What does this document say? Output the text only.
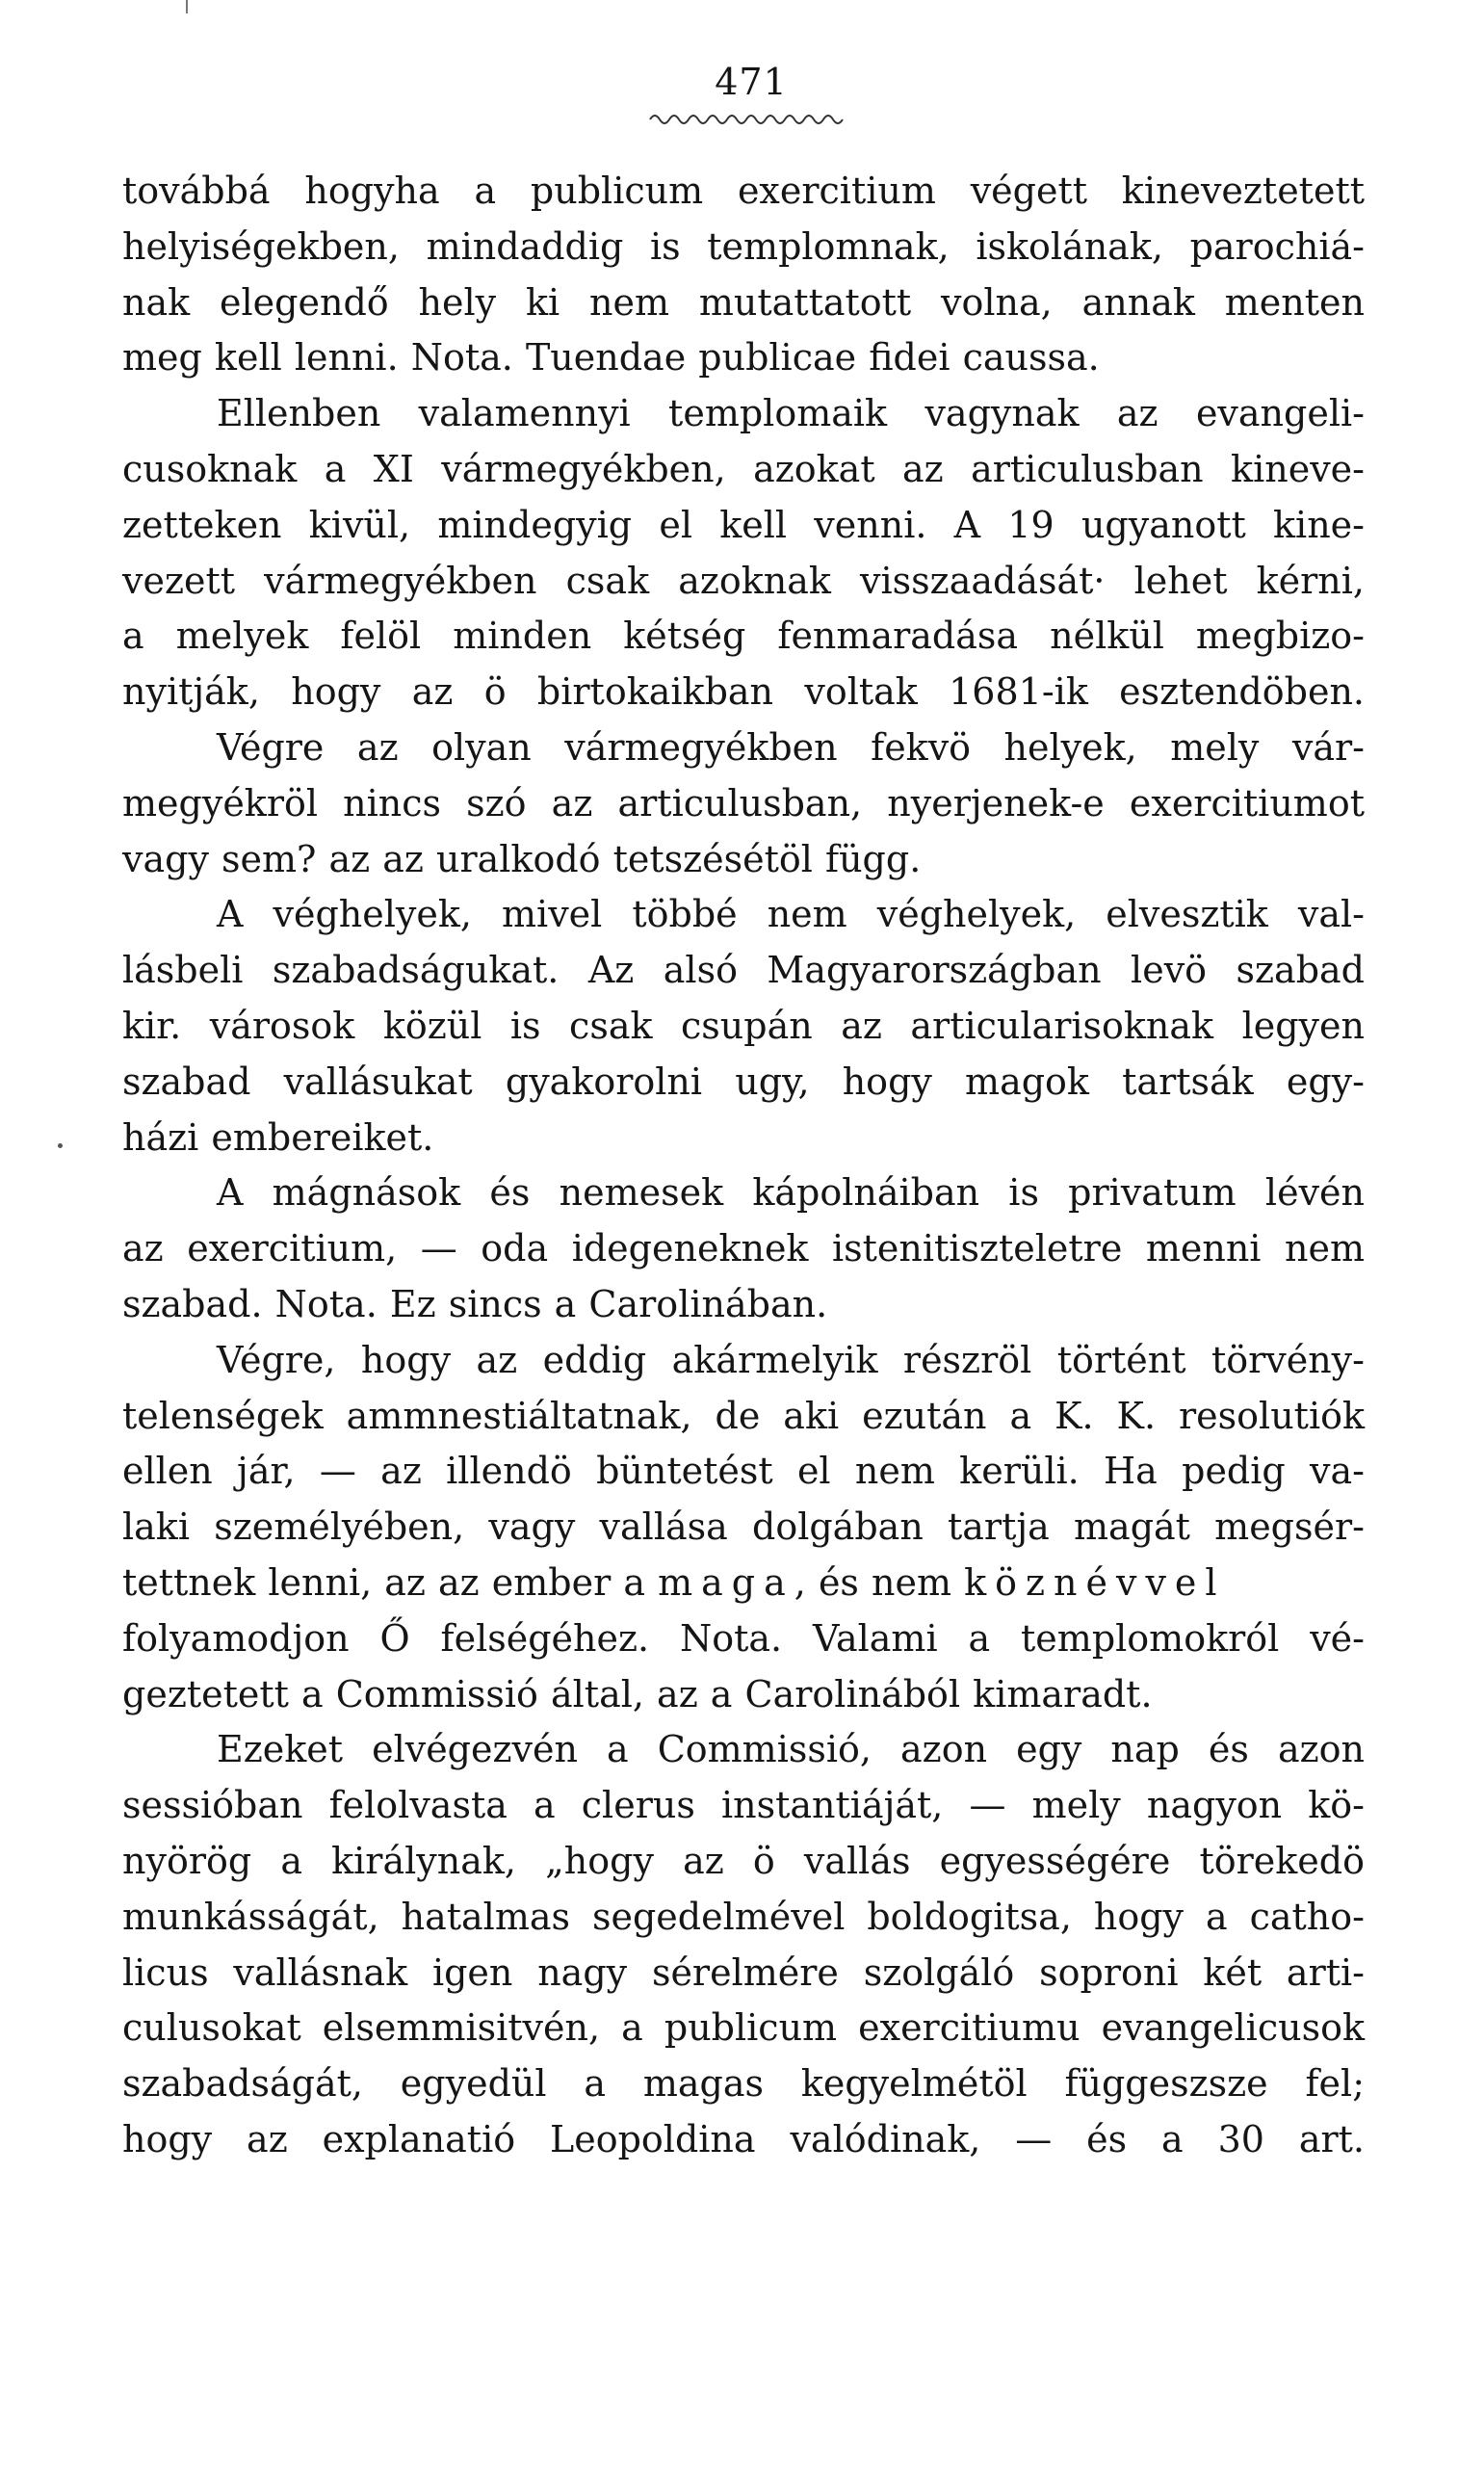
471
továbbá hogyha a publicum exercitium végett kineveztetett
helyiségekben, mindaddig is templomnak, iskolának, parochiá-
nak elegendő hely ki nem mutattatott volna, annak menten
meg kell lenni. Nota. Tuendae publicae fidei caussa.
Ellenben valamennyi templomaik vagynak az evangeli-
cusoknak a XI vármegyékben, azokat az articulusban kineve-
zetteken kivül, mindegyig el kell venni. A 19 ugyanott kine-
vezett vármegyékben csak azoknak visszaadását· lehet kérni,
a melyek felöl minden kétség fenmaradása nélkül megbizo-
nyitják, hogy az ö birtokaikban voltak 1681-ik esztendöben.
Végre az olyan vármegyékben fekvö helyek, mely vár-
megyékröl nincs szó az articulusban, nyerjenek-e exercitiumot
vagy sem? az az uralkodó tetszésétöl függ.
A véghelyek, mivel többé nem véghelyek, elvesztik val-
lásbeli szabadságukat. Az alsó Magyarországban levö szabad
kir. városok közül is csak csupán az articularisoknak legyen
szabad vallásukat gyakorolni ugy, hogy magok tartsák egy-
házi embereiket.
A mágnások és nemesek kápolnáiban is privatum lévén
az exercitium, — oda idegeneknek istenitiszteletre menni nem
szabad. Nota. Ez sincs a Carolinában.
Végre, hogy az eddig akármelyik részröl történt törvény-
telenségek ammnestiáltatnak, de aki ezután a K. K. resolutiók
ellen jár, — az illendö büntetést el nem kerüli. Ha pedig va-
laki személyében, vagy vallása dolgában tartja magát megsér-
tettnek lenni, az az ember a maga, és nem köznévvel
folyamodjon Ő felségéhez. Nota. Valami a templomokról vé-
geztetett a Commissió által, az a Carolinából kimaradt.
Ezeket elvégezvén a Commissió, azon egy nap és azon
sessióban felolvasta a clerus instantiáját, — mely nagyon kö-
nyörög a királynak, „hogy az ö vallás egyességére törekedö
munkásságát, hatalmas segedelmével boldogitsa, hogy a catho-
licus vallásnak igen nagy sérelmére szolgáló soproni két arti-
culusokat elsemmisitvén, a publicum exercitiumu evangelicusok
szabadságát, egyedül a magas kegyelmétöl függeszsze fel;
hogy az explanatió Leopoldina valódinak, — és a 30 art.
